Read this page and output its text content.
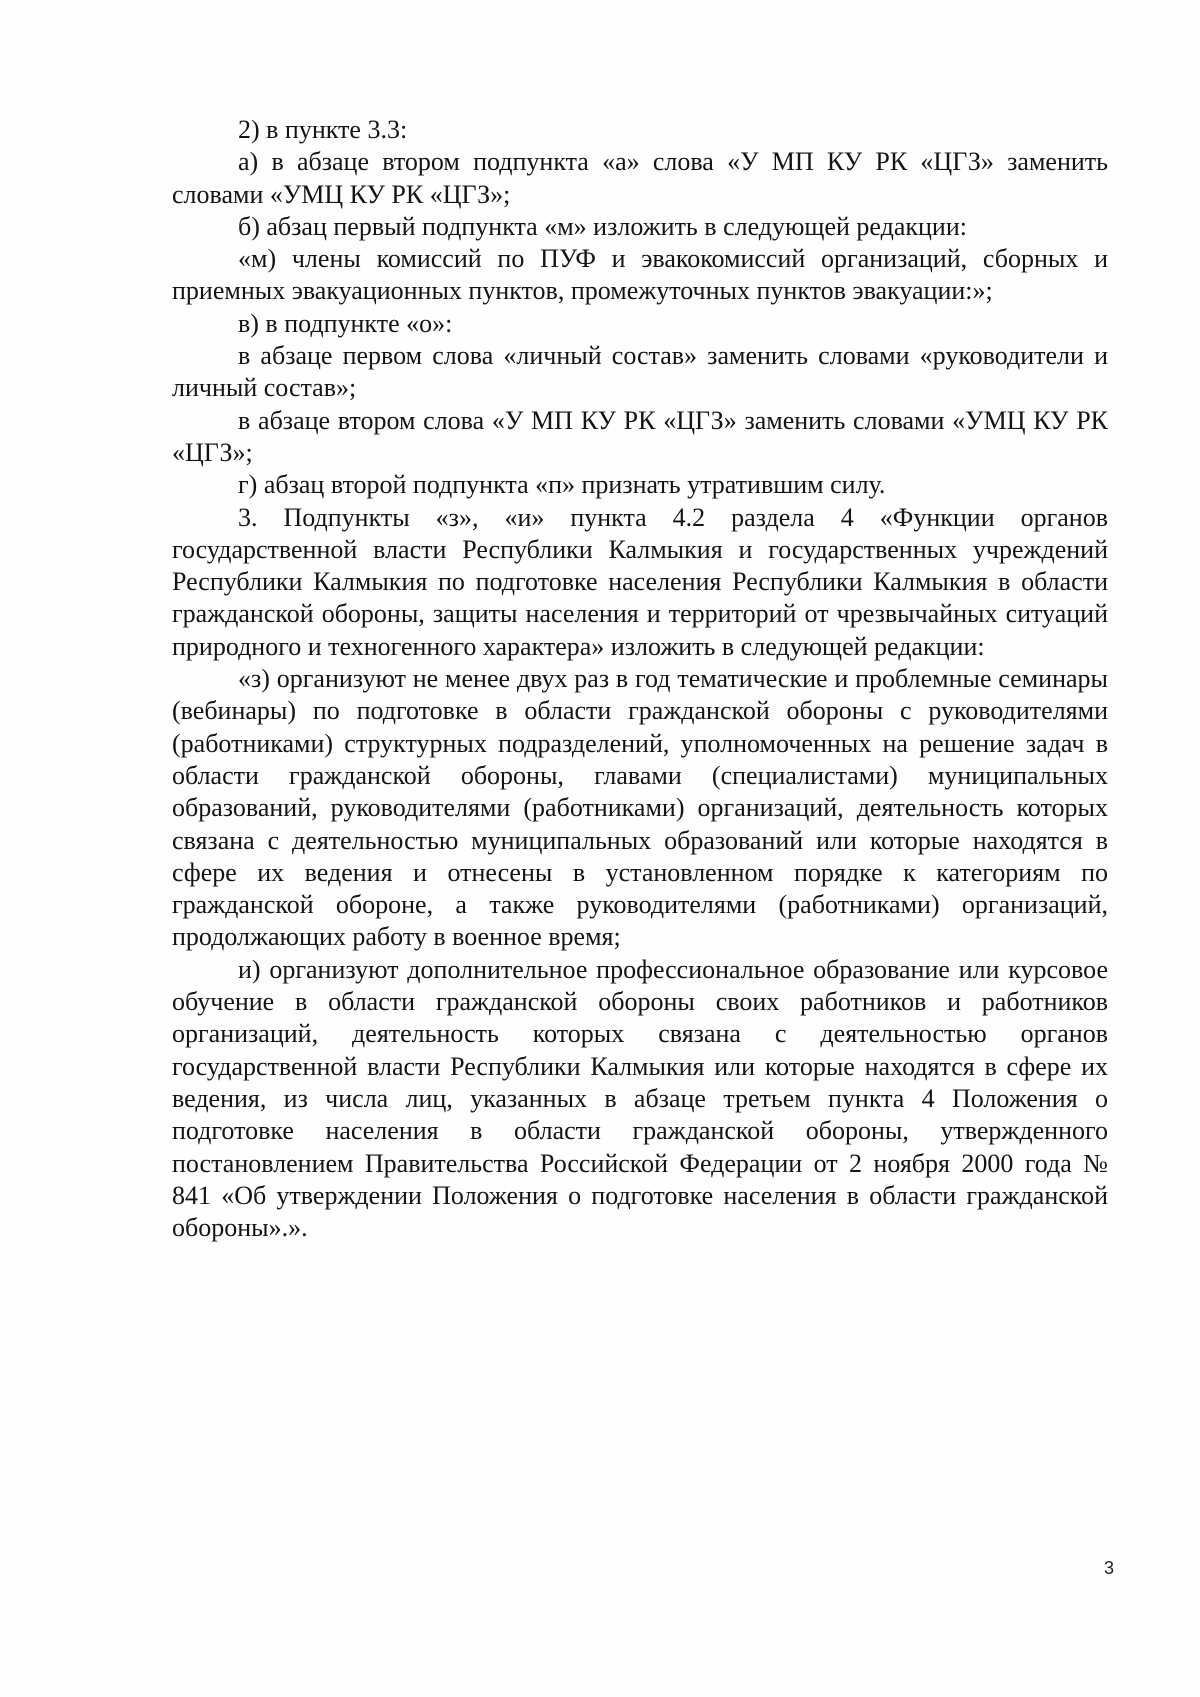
2) в пункте 3.3:

а) в абзаце втором подпункта «а» слова «У МП КУ РК «ЦГЗ» заменить словами «УМЦ КУ РК «ЦГЗ»;

б) абзац первый подпункта «м» изложить в следующей редакции:

«м) члены комиссий по ПУФ и эвакокомиссий организаций, сборных и приемных эвакуационных пунктов, промежуточных пунктов эвакуации:»;

в) в подпункте «о»:

в абзаце первом слова «личный состав» заменить словами «руководители и личный состав»;

в абзаце втором слова «У МП КУ РК «ЦГЗ» заменить словами «УМЦ КУ РК «ЦГЗ»;

г) абзац второй подпункта «п» признать утратившим силу.

3. Подпункты «з», «и» пункта 4.2 раздела 4 «Функции органов государственной власти Республики Калмыкия и государственных учреждений Республики Калмыкия по подготовке населения Республики Калмыкия в области гражданской обороны, защиты населения и территорий от чрезвычайных ситуаций природного и техногенного характера» изложить в следующей редакции:

«з) организуют не менее двух раз в год тематические и проблемные семинары (вебинары) по подготовке в области гражданской обороны с руководителями (работниками) структурных подразделений, уполномоченных на решение задач в области гражданской обороны, главами (специалистами) муниципальных образований, руководителями (работниками) организаций, деятельность которых связана с деятельностью муниципальных образований или которые находятся в сфере их ведения и отнесены в установленном порядке к категориям по гражданской обороне, а также руководителями (работниками) организаций, продолжающих работу в военное время;

и) организуют дополнительное профессиональное образование или курсовое обучение в области гражданской обороны своих работников и работников организаций, деятельность которых связана с деятельностью органов государственной власти Республики Калмыкия или которые находятся в сфере их ведения, из числа лиц, указанных в абзаце третьем пункта 4 Положения о подготовке населения в области гражданской обороны, утвержденного постановлением Правительства Российской Федерации от 2 ноября 2000 года № 841 «Об утверждении Положения о подготовке населения в области гражданской обороны».».

3
